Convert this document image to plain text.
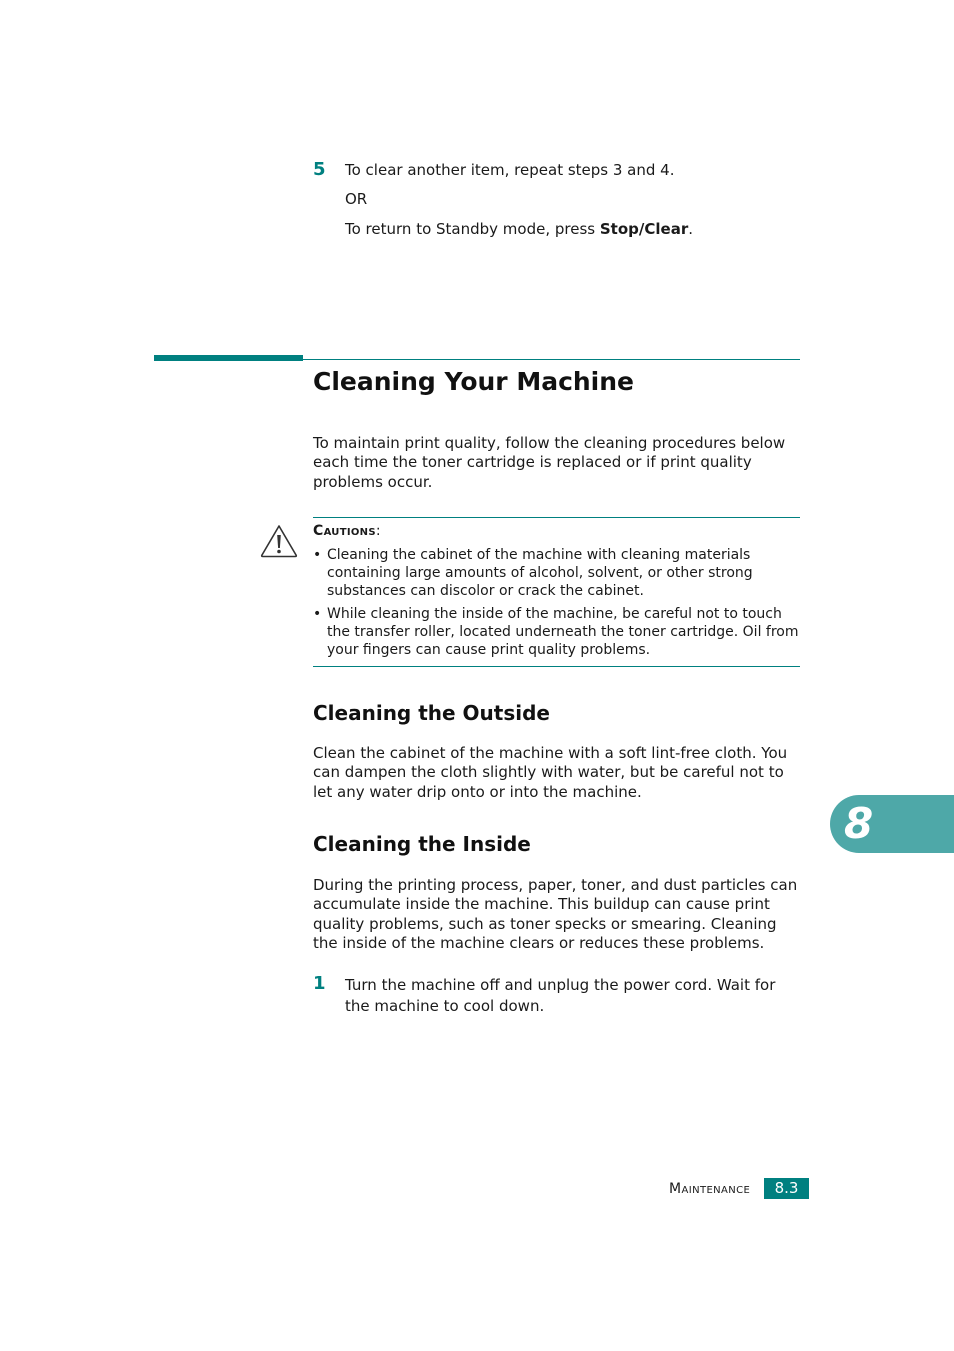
5 To clear another item, repeat steps 3 and 4.
OR
To return to Standby mode, press Stop/Clear.
Cleaning Your Machine
To maintain print quality, follow the cleaning procedures below each time the toner cartridge is replaced or if print quality problems occur.
Cautions:
• Cleaning the cabinet of the machine with cleaning materials containing large amounts of alcohol, solvent, or other strong substances can discolor or crack the cabinet.
• While cleaning the inside of the machine, be careful not to touch the transfer roller, located underneath the toner cartridge. Oil from your fingers can cause print quality problems.
Cleaning the Outside
Clean the cabinet of the machine with a soft lint-free cloth. You can dampen the cloth slightly with water, but be careful not to let any water drip onto or into the machine.
Cleaning the Inside
During the printing process, paper, toner, and dust particles can accumulate inside the machine. This buildup can cause print quality problems, such as toner specks or smearing. Cleaning the inside of the machine clears or reduces these problems.
1 Turn the machine off and unplug the power cord. Wait for the machine to cool down.
8
Maintenance	8.3
